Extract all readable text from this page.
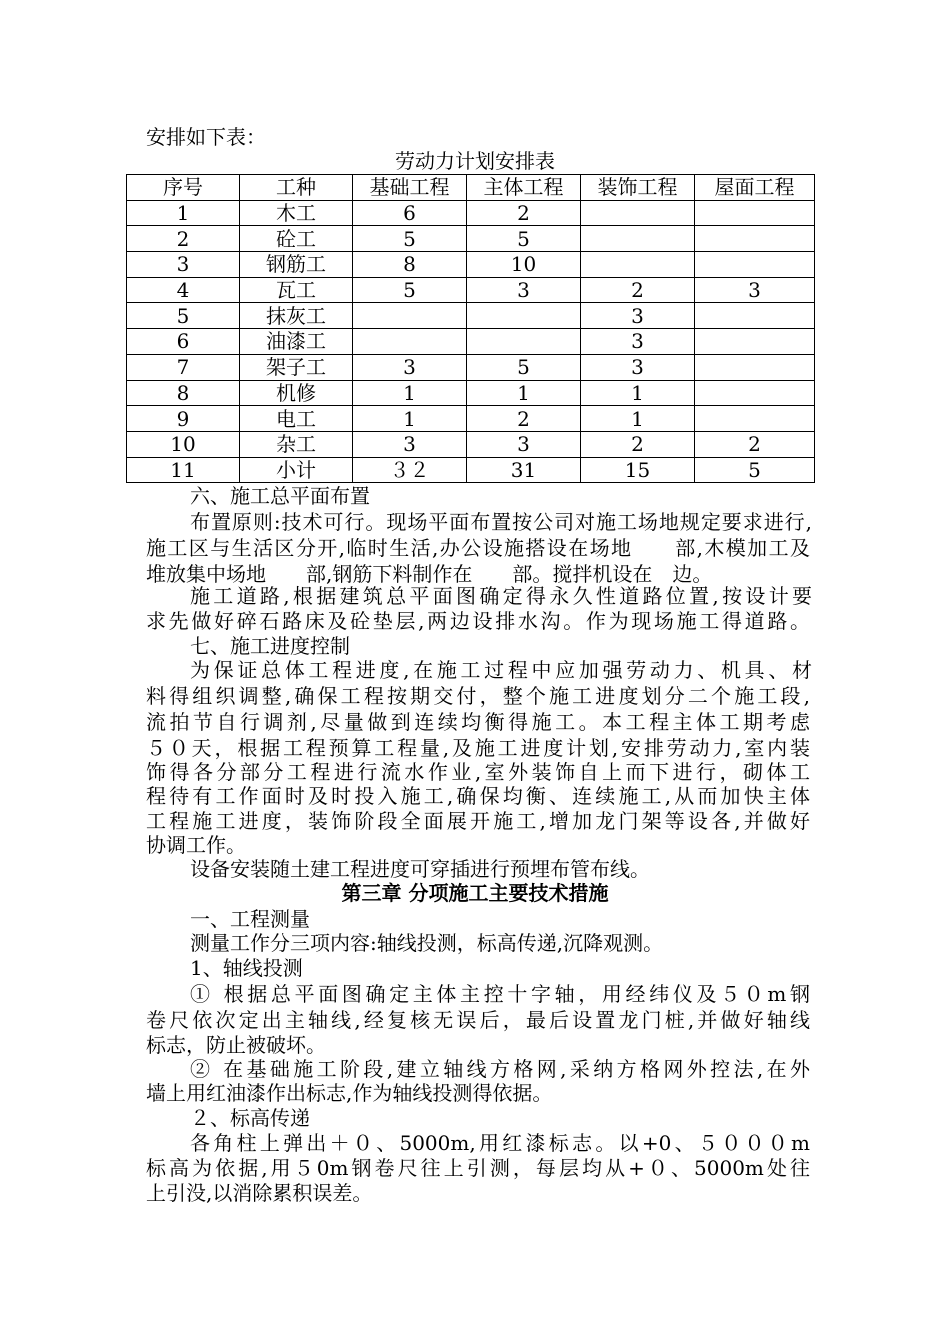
安排如下表：
劳动力计划安排表
序号	工种	基础工程	主体工程	装饰工程	屋面工程
1	木工	6	2		
2	砼工	5	5		
3	钢筋工	8	10		
4	瓦工	5	3	2	3
5	抹灰工			3	
6	油漆工			3	
7	架子工	3	5	3	
8	机修	1	1	1	
9	电工	1	2	1	
10	杂工	3	3	2	2
11	小计	３２	31	15	5
六、施工总平面布置
布置原则:技术可行。现场平面布置按公司对施工场地规定要求进行,
施工区与生活区分开,临时生活,办公设施搭设在场地　　部,木模加工及
堆放集中场地　　部,钢筋下料制作在　　部。搅拌机设在　边。
施工道路,根据建筑总平面图确定得永久性道路位置,按设计要
求先做好碎石路床及砼垫层,两边设排水沟。作为现场施工得道路。
七、施工进度控制
为保证总体工程进度,在施工过程中应加强劳动力、机具、材
料得组织调整,确保工程按期交付，整个施工进度划分二个施工段,
流拍节自行调剂,尽量做到连续均衡得施工。本工程主体工期考虑
５０天，根据工程预算工程量,及施工进度计划,安排劳动力,室内装
饰得各分部分工程进行流水作业,室外装饰自上而下进行，砌体工
程待有工作面时及时投入施工,确保均衡、连续施工,从而加快主体
工程施工进度，装饰阶段全面展开施工,增加龙门架等设各,并做好
协调工作。
设备安装随土建工程进度可穿插进行预埋布管布线。
第三章 分项施工主要技术措施
一、工程测量
测量工作分三项内容:轴线投测，标高传递,沉降观测。
1、轴线投测
① 根据总平面图确定主体主控十字轴，用经纬仪及５０m钢
卷尺依次定出主轴线,经复核无误后，最后设置龙门桩,并做好轴线
标志，防止被破坏。
② 在基础施工阶段,建立轴线方格网,采纳方格网外控法,在外
墙上用红油漆作出标志,作为轴线投测得依据。
２、标高传递
各角柱上弹出＋０、5000m,用红漆标志。以+0、５０００m
标高为依据,用５0m钢卷尺往上引测，每层均从+０、5000m处往
上引没,以消除累积误差。
